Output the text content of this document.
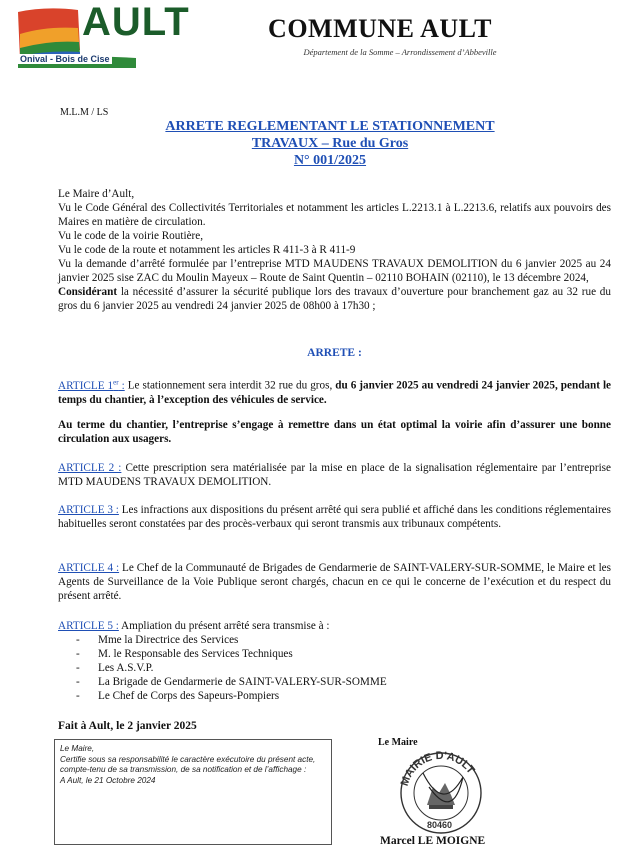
AULT
Onival - Bois de Cise
COMMUNE AULT
Département de la Somme – Arrondissement d’Abbeville
M.L.M / LS
ARRETE REGLEMENTANT LE STATIONNEMENT
TRAVAUX – Rue du Gros
N° 001/2025
Le Maire d’Ault,
Vu le Code Général des Collectivités Territoriales et notamment les articles L.2213.1 à L.2213.6, relatifs aux pouvoirs des Maires en matière de circulation.
Vu le code de la voirie Routière,
Vu le code de la route et notamment les articles R 411-3 à R 411-9
Vu la demande d’arrêté formulée par l’entreprise MTD MAUDENS TRAVAUX DEMOLITION du 6 janvier 2025 au 24 janvier 2025 sise ZAC du Moulin Mayeux – Route de Saint Quentin – 02110 BOHAIN (02110), le 13 décembre 2024,
Considérant la nécessité d’assurer la sécurité publique lors des travaux d’ouverture pour branchement gaz au 32 rue du gros du 6 janvier 2025 au vendredi 24 janvier 2025 de 08h00 à 17h30 ;
ARRETE :
ARTICLE 1er : Le stationnement sera interdit 32 rue du gros, du 6 janvier 2025 au vendredi 24 janvier 2025, pendant le temps du chantier, à l’exception des véhicules de service.
Au terme du chantier, l’entreprise s’engage à remettre dans un état optimal la voirie afin d’assurer une bonne circulation aux usagers.
ARTICLE 2 : Cette prescription sera matérialisée par la mise en place de la signalisation réglementaire par l’entreprise MTD MAUDENS TRAVAUX DEMOLITION.
ARTICLE 3 : Les infractions aux dispositions du présent arrêté qui sera publié et affiché dans les conditions réglementaires habituelles seront constatées par des procès-verbaux qui seront transmis aux tribunaux compétents.
ARTICLE 4 : Le Chef de la Communauté de Brigades de Gendarmerie de SAINT-VALERY-SUR-SOMME, le Maire et les Agents de Surveillance de la Voie Publique seront chargés, chacun en ce qui le concerne de l’exécution et du respect du présent arrêté.
ARTICLE 5 : Ampliation du présent arrêté sera transmise à :
- Mme la Directrice des Services
- M. le Responsable des Services Techniques
- Les A.S.V.P.
- La Brigade de Gendarmerie de SAINT-VALERY-SUR-SOMME
- Le Chef de Corps des Sapeurs-Pompiers
Fait à Ault, le 2 janvier 2025
Le Maire,
Certifie sous sa responsabilité le caractère exécutoire du présent acte, compte-tenu de sa transmission, de sa notification et de l’affichage :
A Ault, le 21 Octobre 2024
Le Maire
MAIRIE D'AULT
80460
Marcel LE MOIGNE
